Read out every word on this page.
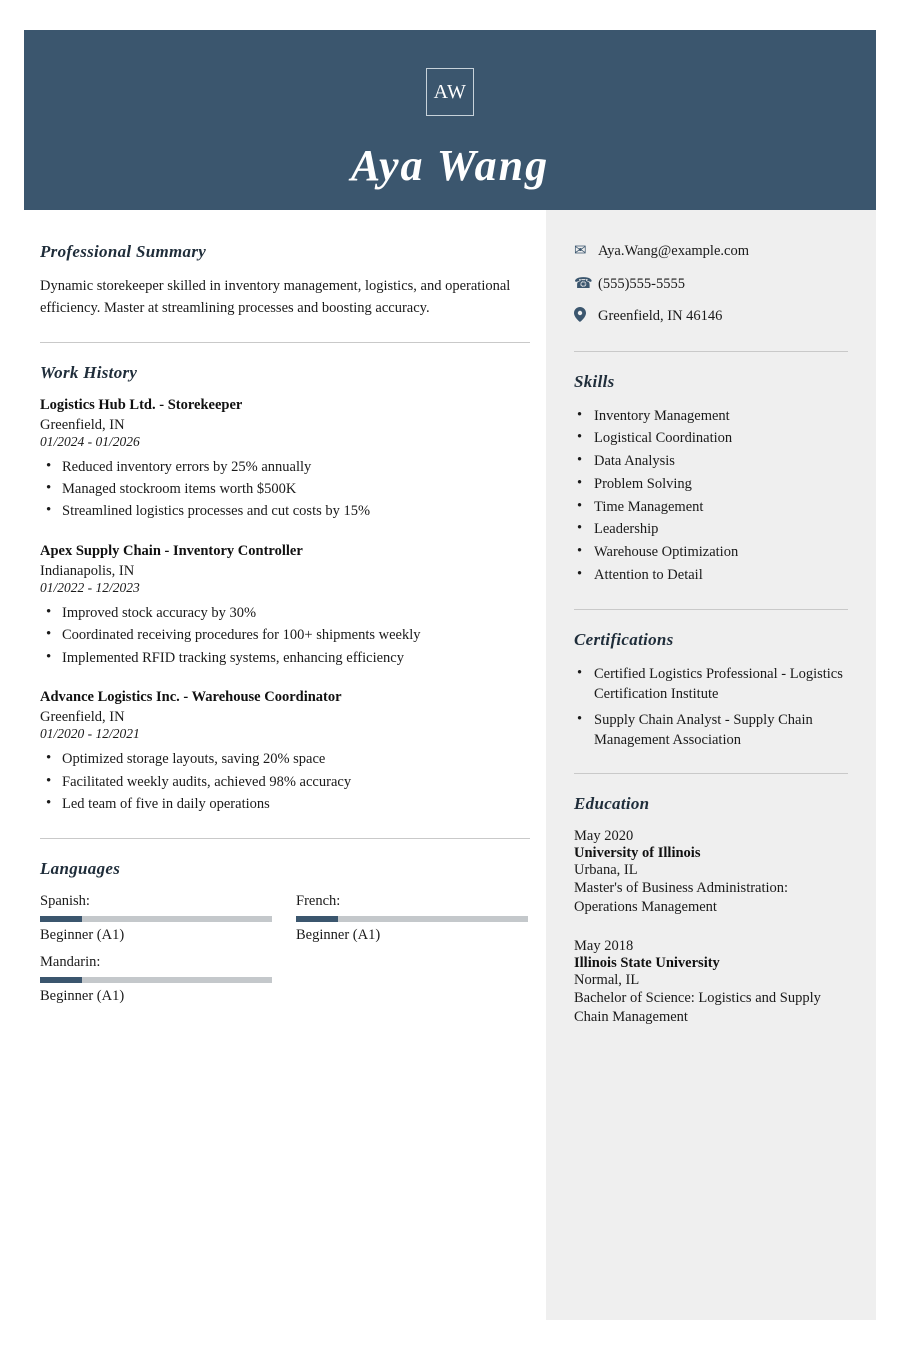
AW
Aya Wang
Professional Summary
Dynamic storekeeper skilled in inventory management, logistics, and operational efficiency. Master at streamlining processes and boosting accuracy.
Work History
Logistics Hub Ltd. - Storekeeper
Greenfield, IN
01/2024 - 01/2026
• Reduced inventory errors by 25% annually
• Managed stockroom items worth $500K
• Streamlined logistics processes and cut costs by 15%
Apex Supply Chain - Inventory Controller
Indianapolis, IN
01/2022 - 12/2023
• Improved stock accuracy by 30%
• Coordinated receiving procedures for 100+ shipments weekly
• Implemented RFID tracking systems, enhancing efficiency
Advance Logistics Inc. - Warehouse Coordinator
Greenfield, IN
01/2020 - 12/2021
• Optimized storage layouts, saving 20% space
• Facilitated weekly audits, achieved 98% accuracy
• Led team of five in daily operations
Languages
Spanish:
Beginner (A1)
French:
Beginner (A1)
Mandarin:
Beginner (A1)
✉ Aya.Wang@example.com
☎ (555)555-5555
Greenfield, IN 46146
Skills
• Inventory Management
• Logistical Coordination
• Data Analysis
• Problem Solving
• Time Management
• Leadership
• Warehouse Optimization
• Attention to Detail
Certifications
• Certified Logistics Professional - Logistics Certification Institute
• Supply Chain Analyst - Supply Chain Management Association
Education
May 2020
University of Illinois
Urbana, IL
Master's of Business Administration: Operations Management
May 2018
Illinois State University
Normal, IL
Bachelor of Science: Logistics and Supply Chain Management
